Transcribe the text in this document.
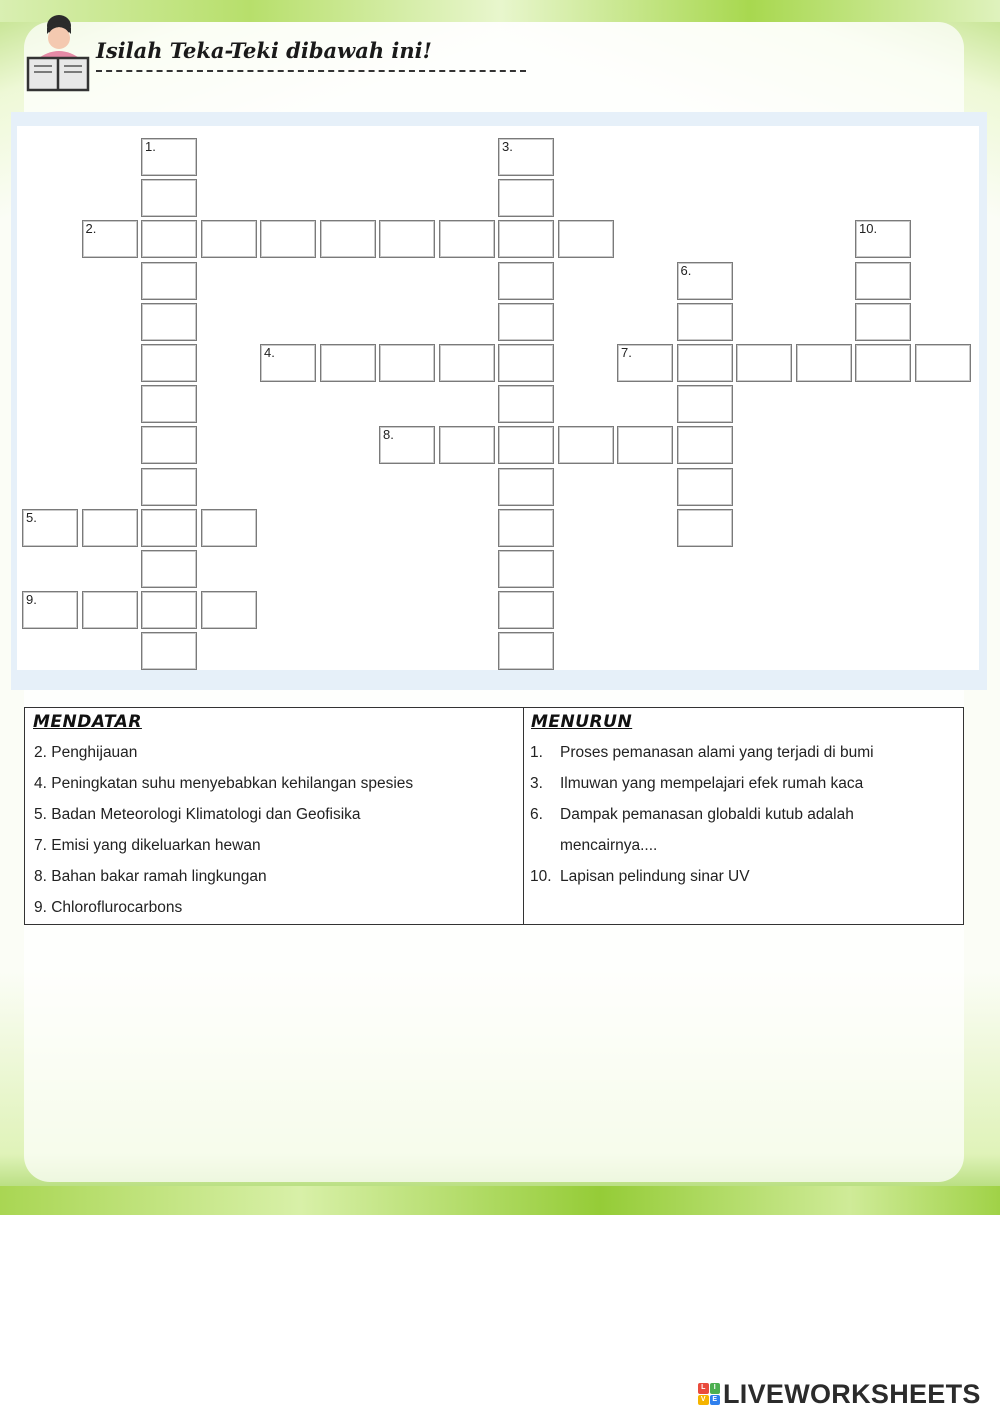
Isilah Teka-Teki dibawah ini!
1.
2.
3.
4.
5.
6.
7.
8.
9.
10.
MENDATAR
2. Penghijauan
4. Peningkatan suhu menyebabkan kehilangan spesies
5. Badan Meteorologi Klimatologi dan Geofisika
7. Emisi yang dikeluarkan hewan
8. Bahan bakar ramah lingkungan
9. Chloroflurocarbons
MENURUN
1. Proses pemanasan alami yang terjadi di bumi
3. Ilmuwan yang mempelajari efek rumah kaca
6. Dampak pemanasan globaldi kutub adalah
mencairnya....
10. Lapisan pelindung sinar UV
L	I
V E LIVEWORKSHEETS
